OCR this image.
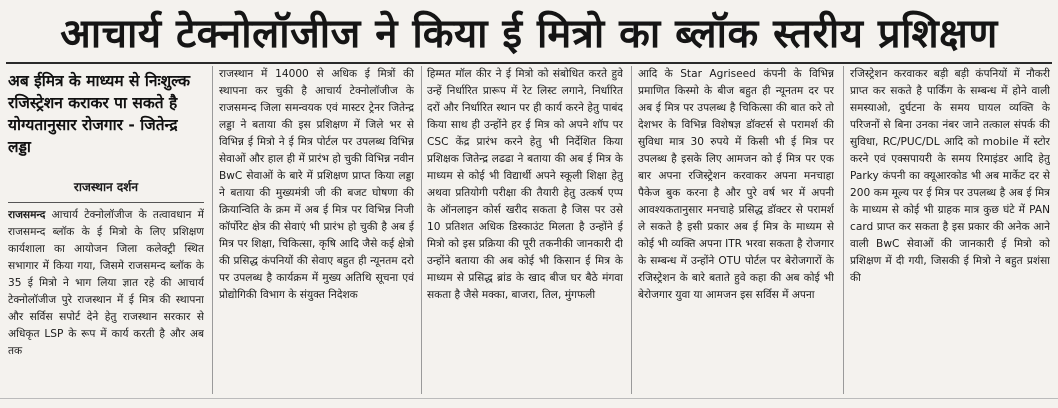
आचार्य टेक्नोलॉजीज ने किया ई मित्रो का ब्लॉक स्तरीय प्रशिक्षण
अब ईमित्र के माध्यम से निःशुल्क रजिस्ट्रेशन कराकर पा सकते है योग्यतानुसार रोजगार - जितेन्द्र लड्डा
राजस्थान दर्शन

राजसमन्द आचार्य टेक्नोलॉजीज के तत्वावधान में राजसमन्द ब्लॉक के ई मित्रो के लिए प्रशिक्षण कार्यशाला का आयोजन जिला कलेक्ट्री स्थित सभागार में किया गया, जिसमे राजसमन्द ब्लॉक के 35 ई मित्रो ने भाग लिया ज्ञात रहे की आचार्य टेक्नोलॉजीज पुरे राजस्थान में ई मित्र की स्थापना और सर्विस सपोर्ट देने हेतु राजस्थान सरकार से अधिकृत LSP के रूप में कार्य करती है और अब तक

राजस्थान में 14000 से अधिक ई मित्रों की स्थापना कर चुकी है आचार्य टेक्नोलॉजीज के राजसमन्द जिला समन्वयक एवं मास्टर ट्रेनर जितेन्द्र लड्डा ने बताया की इस प्रशिक्षण में जिले भर से विभिन्न ई मित्रो ने ई मित्र पोर्टल पर उपलब्ध विभिन्न सेवाओं और हाल ही में प्रारंभ हो चुकी विभिन्न नवीन BwC सेवाओं के बारे में प्रशिक्षण प्राप्त किया लड्डा ने बताया की मुख्यमंत्री जी की बजट घोषणा की क्रियान्विति के क्रम में अब ई मित्र पर विभिन्न निजी कॉर्पोरेट क्षेत्र की सेवाएं भी प्रारंभ हो चुकी है अब ई मित्र पर शिक्षा, चिकित्सा, कृषि आदि जैसे कई क्षेत्रो की प्रसिद्ध कंपनियों की सेवाए बहुत ही न्यूनतम दरो पर उपलब्ध है कार्यक्रम में मुख्य अतिथि सूचना एवं प्रोद्योगिकी विभाग के संयुक्त निदेशक

हिम्मत मॉल कीर ने ई मित्रो को संबोधित करते हुवे उन्हें निर्धारित प्रारूप में रेट लिस्ट लगाने, निर्धारित दरों और निर्धारित स्थान पर ही कार्य करने हेतु पाबंद किया साथ ही उन्होंने हर ई मित्र को अपने शॉप पर CSC केंद्र प्रारंभ करने हेतु भी निर्देशित किया प्रशिक्षक जितेन्द्र लढढा ने बताया की अब ई मित्र के माध्यम से कोई भी विद्यार्थी अपने स्कूली शिक्षा हेतु अथवा प्रतियोगी परीक्षा की तैयारी हेतु उत्कर्ष एप्प के ऑनलाइन कोर्स खरीद सकता है जिस पर उसे 10 प्रतिशत अधिक डिस्काउंट मिलता है उन्होंने ई मित्रो को इस प्रक्रिया की पूरी तकनीकी जानकारी दी उन्होंने बताया की अब कोई भी किसान ई मित्र के माध्यम से प्रसिद्ध ब्रांड के खाद बीज घर बैठे मंगवा सकता है जैसे मक्का, बाजरा, तिल, मुंगफली

आदि के Star Agriseed कंपनी के विभिन्न प्रमाणित किस्मो के बीज बहुत ही न्यूनतम दर पर अब ई मित्र पर उपलब्ध है चिकित्सा की बात करे तो देशभर के विभिन्न विशेषज्ञ डॉक्टर्स से परामर्श की सुविधा मात्र 30 रुपये में किसी भी ई मित्र पर उपलब्ध है इसके लिए आमजन को ई मित्र पर एक बार अपना रजिस्ट्रेशन करवाकर अपना मनचाहा पैकेज बुक करना है और पुरे वर्ष भर में अपनी आवश्यकतानुसार मनचाहे प्रसिद्ध डॉक्टर से परामर्श ले सकते है इसी प्रकार अब ई मित्र के माध्यम से कोई भी व्यक्ति अपना ITR भरवा सकता है रोजगार के सम्बन्ध में उन्होंने OTU पोर्टल पर बेरोजगारों के रजिस्ट्रेशन के बारे बताते हुवे कहा की अब कोई भी बेरोजगार युवा या आमजन इस सर्विस में अपना

रजिस्ट्रेशन करवाकर बड़ी बड़ी कंपनियों में नौकरी प्राप्त कर सकते है पार्किंग के सम्बन्ध में होने वाली समस्याओ, दुर्घटना के समय घायल व्यक्ति के परिजनों से बिना उनका नंबर जाने तत्काल संपर्क की सुविधा, RC/PUC/DL आदि को mobile में स्टोर करने एवं एक्सपायरी के समय रिमाइंडर आदि हेतु Parky कंपनी का क्यूआरकोड भी अब मार्केट दर से 200 कम मूल्य पर ई मित्र पर उपलब्ध है अब ई मित्र के माध्यम से कोई भी ग्राहक मात्र कुछ घंटे में PAN card प्राप्त कर सकता है इस प्रकार की अनेक आने वाली BwC सेवाओं की जानकारी ई मित्रो को प्रशिक्षण में दी गयी, जिसकी ई मित्रो ने बहुत प्रशंसा की
